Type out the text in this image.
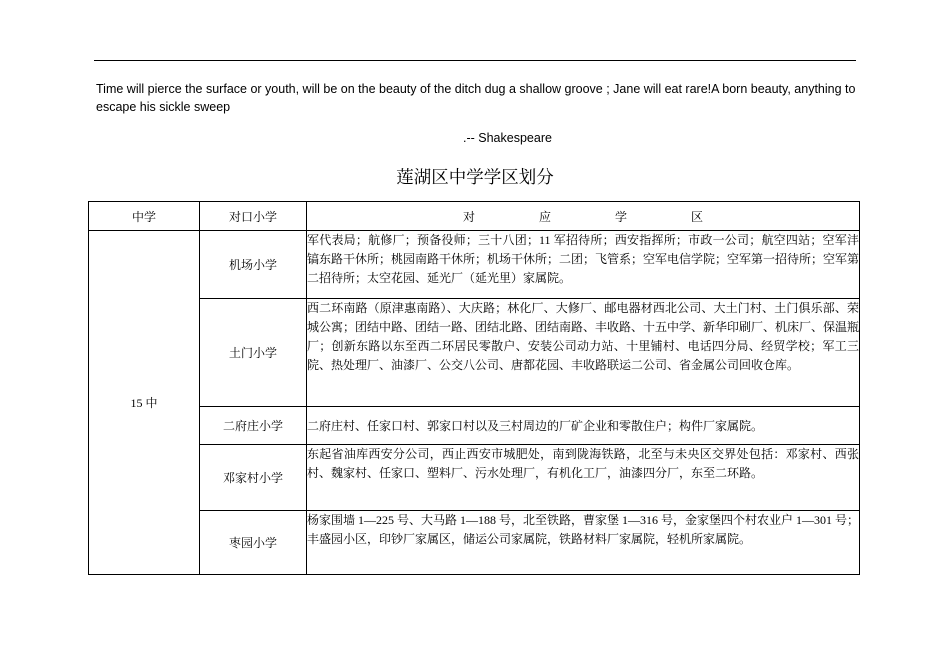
Time will pierce the surface or youth, will be on the beauty of the ditch dug a shallow groove ; Jane will eat rare!A born beauty, anything to escape his sickle sweep
.-- Shakespeare
莲湖区中学学区划分
中学	对口小学	对　应　学　区
15 中	机场小学	军代表局；航修厂；预备役师；三十八团；11 军招待所；西安指挥所；市政一公司；航空四站；空军沣镐东路干休所；桃园南路干休所；机场干休所；二团；飞管系；空军电信学院；空军第一招待所；空军第二招待所；太空花园、延光厂（延光里）家属院。
	土门小学	西二环南路（原津惠南路）、大庆路；林化厂、大修厂、邮电器材西北公司、大土门村、土门俱乐部、荣城公寓；团结中路、团结一路、团结北路、团结南路、丰收路、十五中学、新华印刷厂、机床厂、保温瓶厂；创新东路以东至西二环居民零散户、安装公司动力站、十里铺村、电话四分局、经贸学校；军工三院、热处理厂、油漆厂、公交八公司、唐都花园、丰收路联运二公司、省金属公司回收仓库。
	二府庄小学	二府庄村、任家口村、郭家口村以及三村周边的厂矿企业和零散住户；构件厂家属院。
	邓家村小学	东起省油库西安分公司，西止西安市城肥处，南到陇海铁路，北至与未央区交界处包括：邓家村、西张村、魏家村、任家口、塑料厂、污水处理厂，有机化工厂，油漆四分厂，东至二环路。
	枣园小学	杨家围墙 1—225 号、大马路 1—188 号，北至铁路，曹家堡 1—316 号，金家堡四个村农业户 1—301 号；丰盛园小区，印钞厂家属区，储运公司家属院，铁路材料厂家属院，轻机所家属院。
